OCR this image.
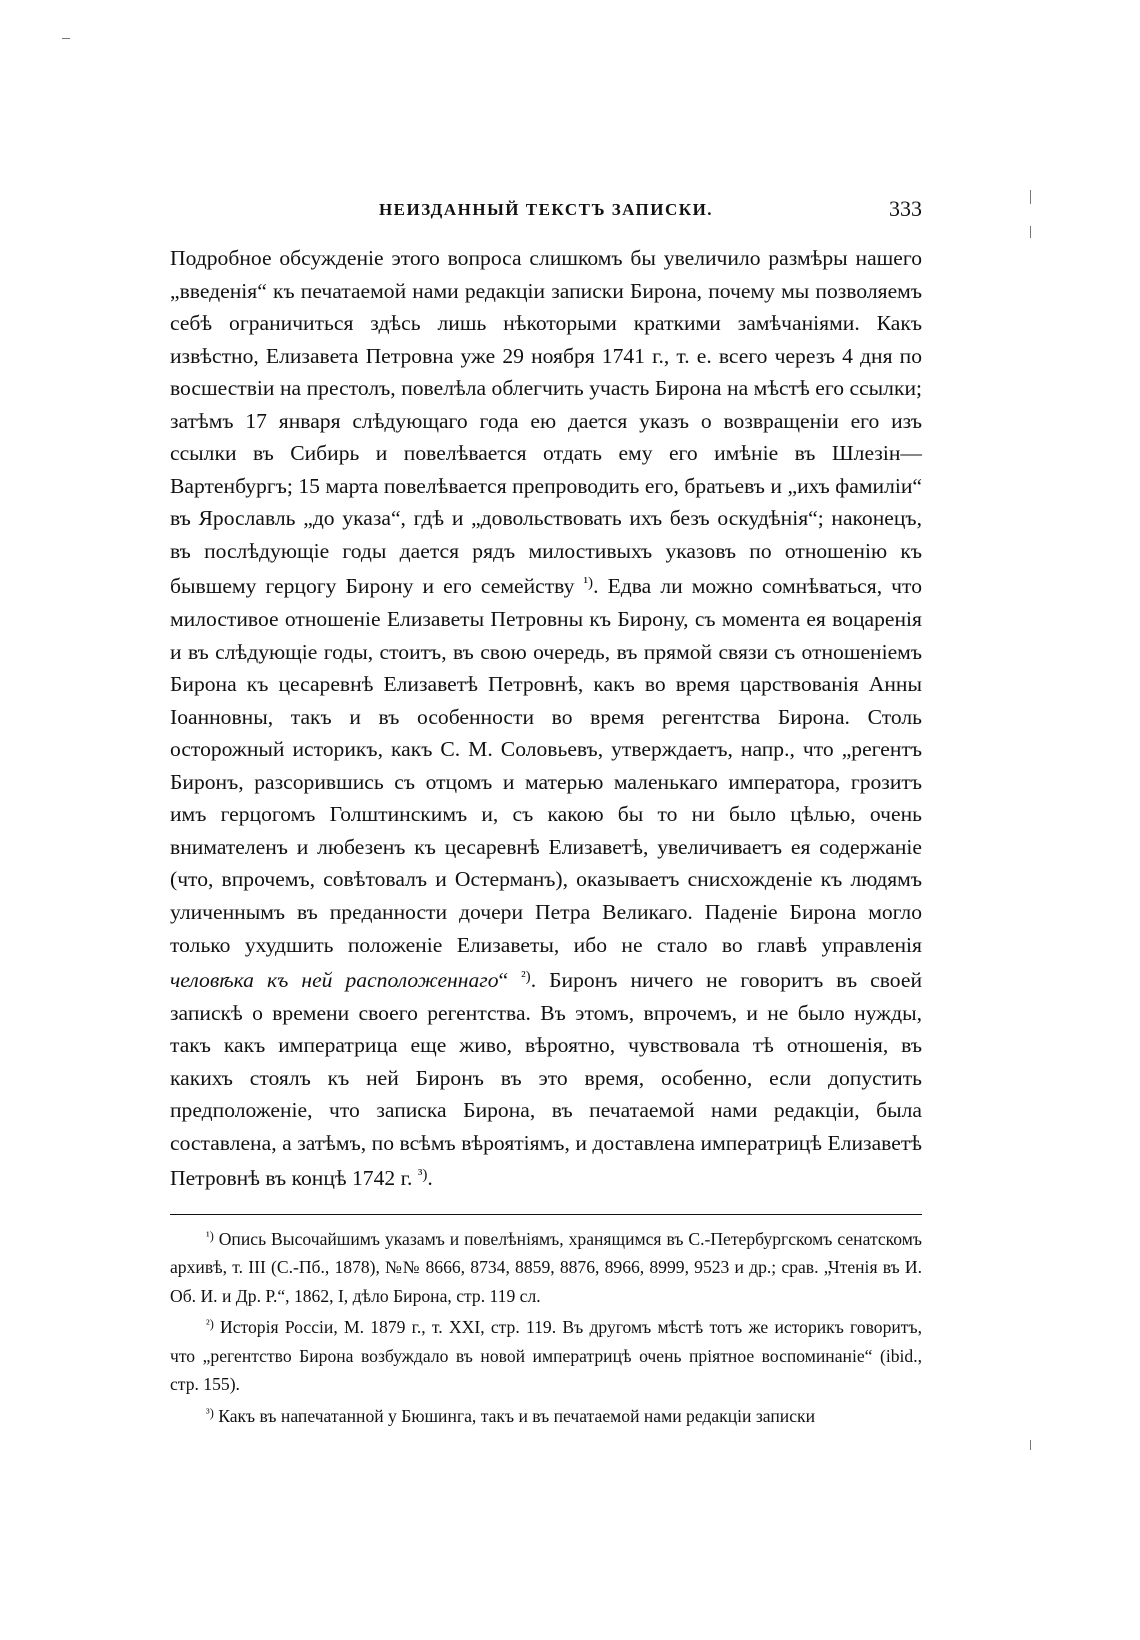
НЕИЗДАННЫЙ ТЕКСТЪ ЗАПИСКИ.	333

Подробное обсужденіе этого вопроса слишкомъ бы увеличило размѣры нашего „введенія“ къ печатаемой нами редакціи записки Бирона, почему мы позволяемъ себѣ ограничиться здѣсь лишь нѣкоторыми краткими замѣчаніями. Какъ извѣстно, Елизавета Петровна уже 29 ноября 1741 г., т. е. всего черезъ 4 дня по восшествіи на престолъ, повелѣла облегчить участь Бирона на мѣстѣ его ссылки; затѣмъ 17 января слѣдующаго года ею дается указъ о возвращеніи его изъ ссылки въ Сибирь и повелѣвается отдать ему его имѣніе въ Шлезін—Вартенбургъ; 15 марта повелѣвается препроводить его, братьевъ и „ихъ фамиліи“ въ Ярославль „до указа“, гдѣ и „довольствовать ихъ безъ оскудѣнія“; наконецъ, въ послѣдующіе годы дается рядъ милостивыхъ указовъ по отношенію къ бывшему герцогу Бирону и его семейству $^{^1)}$. Едва ли можно сомнѣваться, что милостивое отношеніе Елизаветы Петровны къ Бирону, съ момента ея воцаренія и въ слѣдующіе годы, стоитъ, въ свою очередь, въ прямой связи съ отношеніемъ Бирона къ цесаревнѣ Елизаветѣ Петровнѣ, какъ во время царствованія Анны Іоанновны, такъ и въ особенности во время регентства Бирона. Столь осторожный историкъ, какъ С. М. Соловьевъ, утверждаетъ, напр., что „регентъ Биронъ, разсорившись съ отцомъ и матерью маленькаго императора, грозитъ имъ герцогомъ Голштинскимъ и, съ какою бы то ни было цѣлью, очень внимателенъ и любезенъ къ цесаревнѣ Елизаветѣ, увеличиваетъ ея содержаніе (что, впрочемъ, совѣтовалъ и Остерманъ), оказываетъ снисхожденіе къ людямъ уличеннымъ въ преданности дочери Петра Великаго. Паденіе Бирона могло только ухудшить положеніе Елизаветы, ибо не стало во главѣ управленія человѣка къ ней расположеннаго“ $^{^2)}$. Биронъ ничего не говоритъ въ своей запискѣ о времени своего регентства. Въ этомъ, впрочемъ, и не было нужды, такъ какъ императрица еще живо, вѣроятно, чувствовала тѣ отношенія, въ какихъ стоялъ къ ней Биронъ въ это время, особенно, если допустить предположеніе, что записка Бирона, въ печатаемой нами редакціи, была составлена, а затѣмъ, по всѣмъ вѣроятіямъ, и доставлена императрицѣ Елизаветѣ Петровнѣ въ концѣ 1742 г. $^{^3)}$.

$^{^1)}$ Опись Высочайшимъ указамъ и повелѣніямъ, хранящимся въ С.-Петербургскомъ сенатскомъ архивѣ, т. III (С.-Пб., 1878), №№ 8666, 8734, 8859, 8876, 8966, 8999, 9523 и др.; срав. „Чтенія въ И. Об. И. и Др. Р.“, 1862, I, дѣло Бирона, стр. 119 сл.

$^{^2)}$ Исторія Россіи, М. 1879 г., т. XXI, стр. 119. Въ другомъ мѣстѣ тотъ же историкъ говоритъ, что „регентство Бирона возбуждало въ новой императрицѣ очень пріятное воспоминаніе“ (ibid., стр. 155).

$^{^3)}$ Какъ въ напечатанной у Бюшинга, такъ и въ печатаемой нами редакціи записки
